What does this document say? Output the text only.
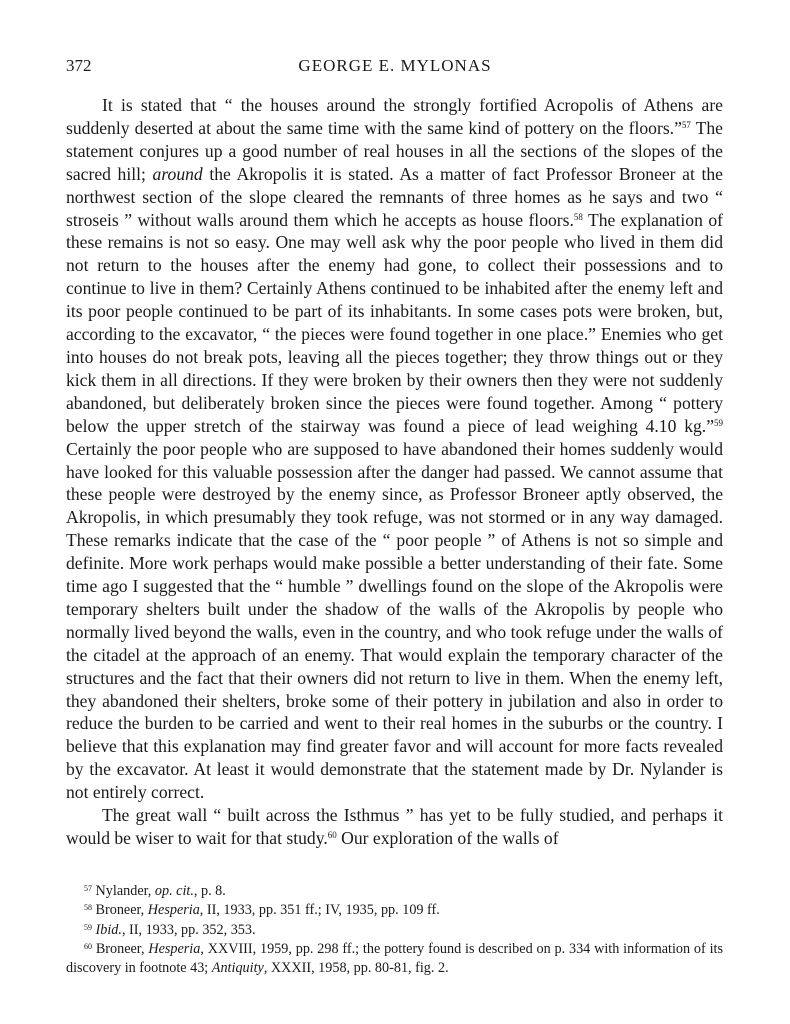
372	GEORGE E. MYLONAS

It is stated that “ the houses around the strongly fortified Acropolis of Athens are suddenly deserted at about the same time with the same kind of pottery on the floors.”$^{57}$ The statement conjures up a good number of real houses in all the sections of the slopes of the sacred hill; around the Akropolis it is stated. As a matter of fact Professor Broneer at the northwest section of the slope cleared the remnants of three homes as he says and two “ stroseis ” without walls around them which he accepts as house floors.$^{58}$ The explanation of these remains is not so easy. One may well ask why the poor people who lived in them did not return to the houses after the enemy had gone, to collect their possessions and to continue to live in them? Certainly Athens continued to be inhabited after the enemy left and its poor people continued to be part of its inhabitants. In some cases pots were broken, but, according to the excavator, “ the pieces were found together in one place.” Enemies who get into houses do not break pots, leaving all the pieces together; they throw things out or they kick them in all directions. If they were broken by their owners then they were not suddenly abandoned, but deliberately broken since the pieces were found together. Among “ pottery below the upper stretch of the stairway was found a piece of lead weighing 4.10 kg.”$^{59}$ Certainly the poor people who are supposed to have abandoned their homes suddenly would have looked for this valuable possession after the danger had passed. We cannot assume that these people were destroyed by the enemy since, as Professor Broneer aptly observed, the Akropolis, in which presumably they took refuge, was not stormed or in any way damaged. These remarks indicate that the case of the “ poor people ” of Athens is not so simple and definite. More work perhaps would make possible a better understanding of their fate. Some time ago I suggested that the “ humble ” dwellings found on the slope of the Akropolis were temporary shelters built under the shadow of the walls of the Akropolis by people who normally lived beyond the walls, even in the country, and who took refuge under the walls of the citadel at the approach of an enemy. That would explain the temporary character of the structures and the fact that their owners did not return to live in them. When the enemy left, they abandoned their shelters, broke some of their pottery in jubilation and also in order to reduce the burden to be carried and went to their real homes in the suburbs or the country. I believe that this explanation may find greater favor and will account for more facts revealed by the excavator. At least it would demonstrate that the statement made by Dr. Nylander is not entirely correct.

The great wall “ built across the Isthmus ” has yet to be fully studied, and perhaps it would be wiser to wait for that study.$^{60}$ Our exploration of the walls of

$^{57}$ Nylander, op. cit., p. 8.

$^{58}$ Broneer, Hesperia, II, 1933, pp. 351 ff.; IV, 1935, pp. 109 ff.

$^{59}$ Ibid., II, 1933, pp. 352, 353.

$^{60}$ Broneer, Hesperia, XXVIII, 1959, pp. 298 ff.; the pottery found is described on p. 334 with information of its discovery in footnote 43; Antiquity, XXXII, 1958, pp. 80-81, fig. 2.
